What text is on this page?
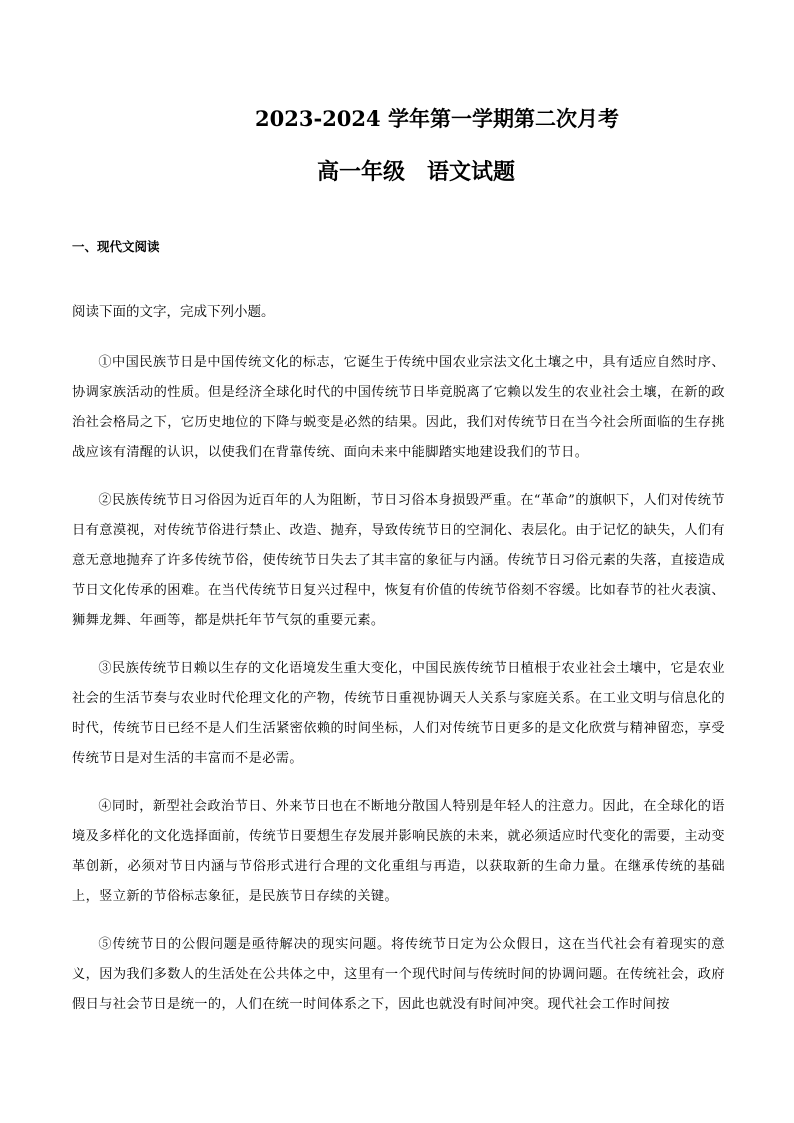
2023-2024 学年第一学期第二次月考
高一年级　语文试题
一、现代文阅读

阅读下面的文字，完成下列小题。

①中国民族节日是中国传统文化的标志，它诞生于传统中国农业宗法文化土壤之中，具有适应自然时序、协调家族活动的性质。但是经济全球化时代的中国传统节日毕竟脱离了它赖以发生的农业社会土壤，在新的政治社会格局之下，它历史地位的下降与蜕变是必然的结果。因此，我们对传统节日在当今社会所面临的生存挑战应该有清醒的认识，以使我们在背靠传统、面向未来中能脚踏实地建设我们的节日。

②民族传统节日习俗因为近百年的人为阻断，节日习俗本身损毁严重。在“革命”的旗帜下，人们对传统节日有意漠视，对传统节俗进行禁止、改造、抛弃，导致传统节日的空洞化、表层化。由于记忆的缺失，人们有意无意地抛弃了许多传统节俗，使传统节日失去了其丰富的象征与内涵。传统节日习俗元素的失落，直接造成节日文化传承的困难。在当代传统节日复兴过程中，恢复有价值的传统节俗刻不容缓。比如春节的社火表演、狮舞龙舞、年画等，都是烘托年节气氛的重要元素。

③民族传统节日赖以生存的文化语境发生重大变化，中国民族传统节日植根于农业社会土壤中，它是农业社会的生活节奏与农业时代伦理文化的产物，传统节日重视协调天人关系与家庭关系。在工业文明与信息化的时代，传统节日已经不是人们生活紧密依赖的时间坐标，人们对传统节日更多的是文化欣赏与精神留恋，享受传统节日是对生活的丰富而不是必需。

④同时，新型社会政治节日、外来节日也在不断地分散国人特别是年轻人的注意力。因此，在全球化的语境及多样化的文化选择面前，传统节日要想生存发展并影响民族的未来，就必须适应时代变化的需要，主动变革创新，必须对节日内涵与节俗形式进行合理的文化重组与再造，以获取新的生命力量。在继承传统的基础上，竖立新的节俗标志象征，是民族节日存续的关键。

⑤传统节日的公假问题是亟待解决的现实问题。将传统节日定为公众假日，这在当代社会有着现实的意义，因为我们多数人的生活处在公共体之中，这里有一个现代时间与传统时间的协调问题。在传统社会，政府假日与社会节日是统一的，人们在统一时间体系之下，因此也就没有时间冲突。现代社会工作时间按
